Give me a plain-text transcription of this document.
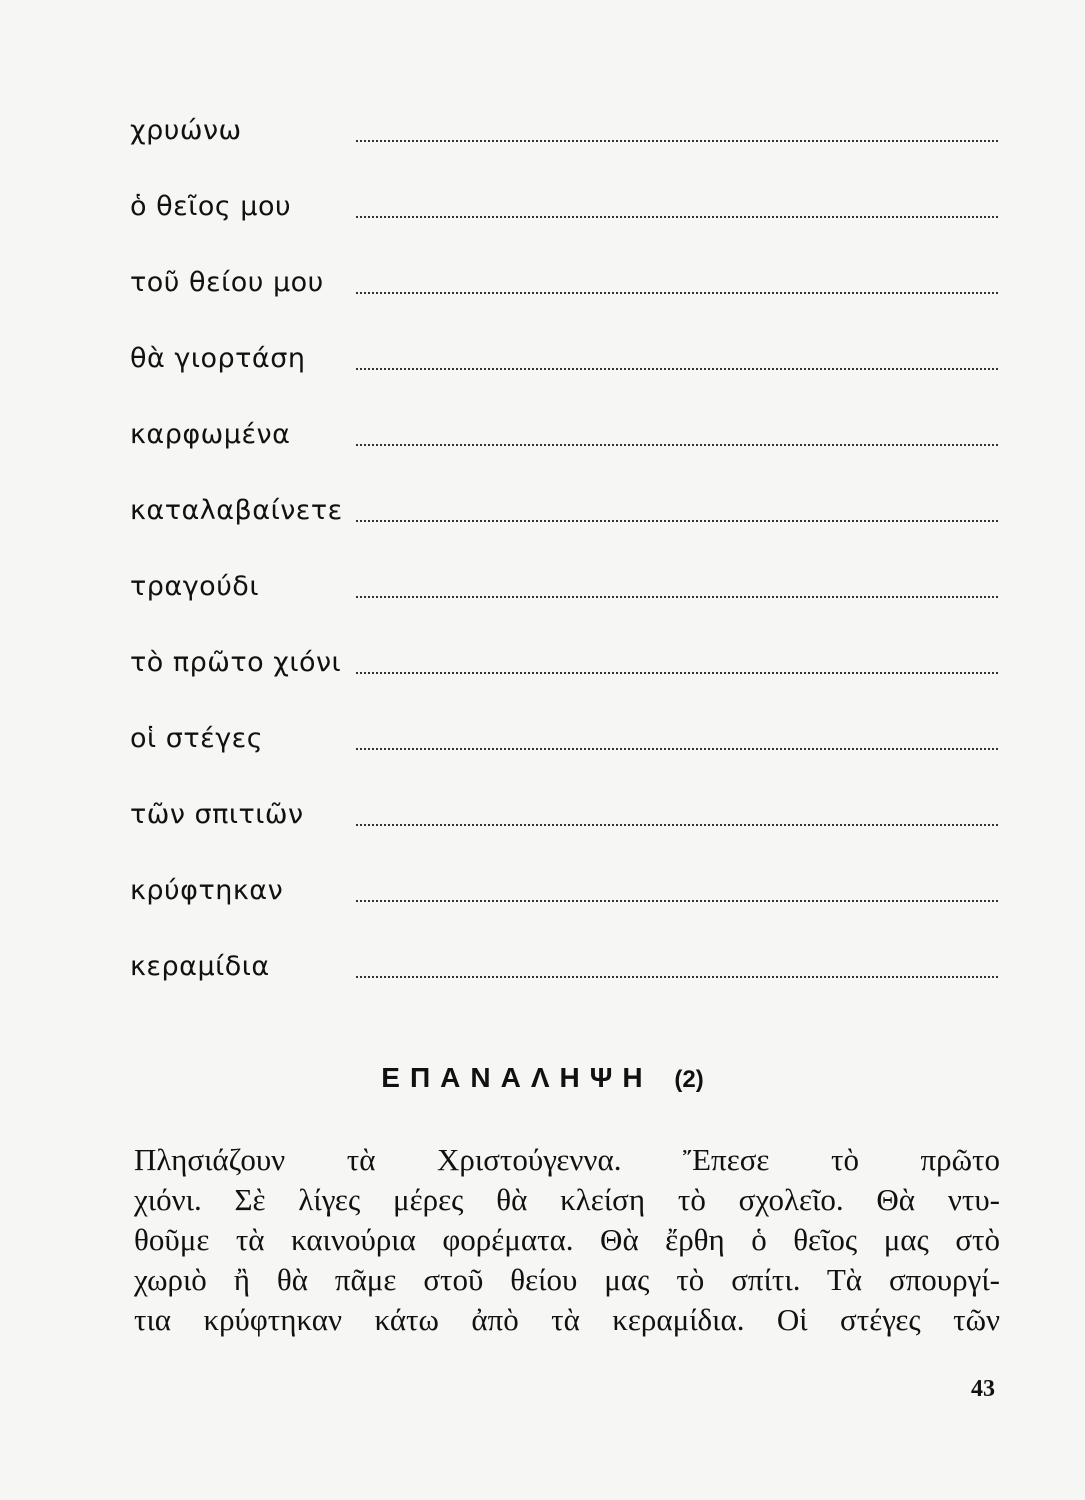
χρυώνω
ὁ θεῖος μου
τοῦ θείου μου
θὰ γιορτάση
καρφωμένα
καταλαβαίνετε
τραγούδι
τὸ πρῶτο χιόνι
οἱ στέγες
τῶν σπιτιῶν
κρύφτηκαν
κεραμίδια
ΕΠΑΝΑΛΗΨΗ (2)
Πλησιάζουν τὰ Χριστούγεννα. Ἔπεσε τὸ πρῶτο
χιόνι. Σὲ λίγες μέρες θὰ κλείση τὸ σχολεῖο. Θὰ ντυ-
θοῦμε τὰ καινούρια φορέματα. Θὰ ἔρθη ὁ θεῖος μας στὸ
χωριὸ ἢ θὰ πᾶμε στοῦ θείου μας τὸ σπίτι. Τὰ σπουργί-
τια κρύφτηκαν κάτω ἀπὸ τὰ κεραμίδια. Οἱ στέγες τῶν
43
